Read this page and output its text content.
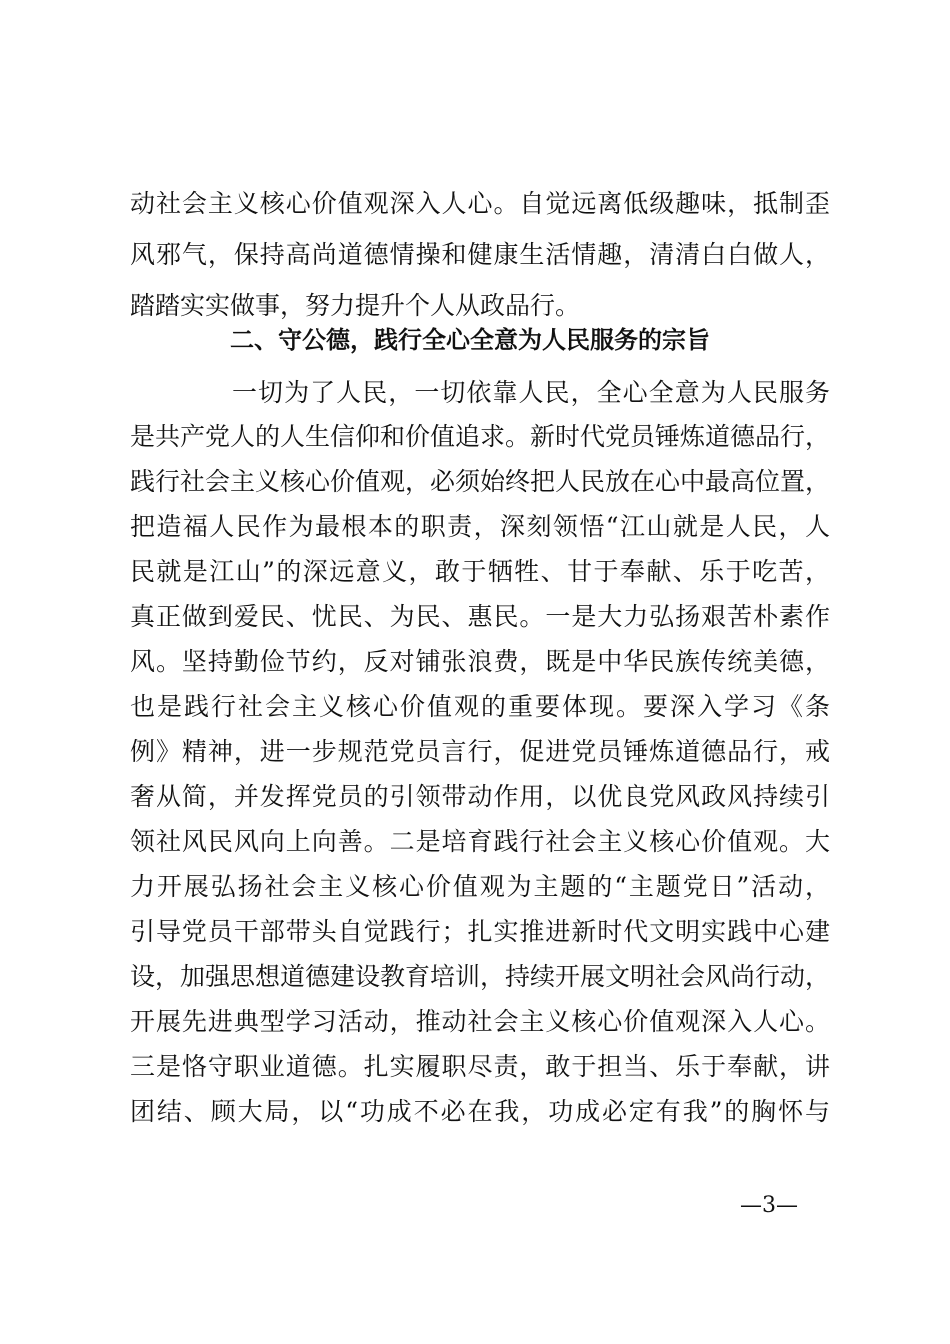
动社会主义核心价值观深入人心。自觉远离低级趣味，抵制歪
风邪气，保持高尚道德情操和健康生活情趣，清清白白做人，
踏踏实实做事，努力提升个人从政品行。
二、守公德，践行全心全意为人民服务的宗旨
一切为了人民，一切依靠人民，全心全意为人民服务
是共产党人的人生信仰和价值追求。新时代党员锤炼道德品行，
践行社会主义核心价值观，必须始终把人民放在心中最高位置，
把造福人民作为最根本的职责，深刻领悟“江山就是人民，人
民就是江山”的深远意义，敢于牺牲、甘于奉献、乐于吃苦，
真正做到爱民、忧民、为民、惠民。一是大力弘扬艰苦朴素作
风。坚持勤俭节约，反对铺张浪费，既是中华民族传统美德，
也是践行社会主义核心价值观的重要体现。要深入学习《条
例》精神，进一步规范党员言行，促进党员锤炼道德品行，戒
奢从简，并发挥党员的引领带动作用，以优良党风政风持续引
领社风民风向上向善。二是培育践行社会主义核心价值观。大
力开展弘扬社会主义核心价值观为主题的“主题党日”活动，
引导党员干部带头自觉践行；扎实推进新时代文明实践中心建
设，加强思想道德建设教育培训，持续开展文明社会风尚行动，
开展先进典型学习活动，推动社会主义核心价值观深入人心。
三是恪守职业道德。扎实履职尽责，敢于担当、乐于奉献，讲
团结、顾大局，以“功成不必在我，功成必定有我”的胸怀与
—3—
